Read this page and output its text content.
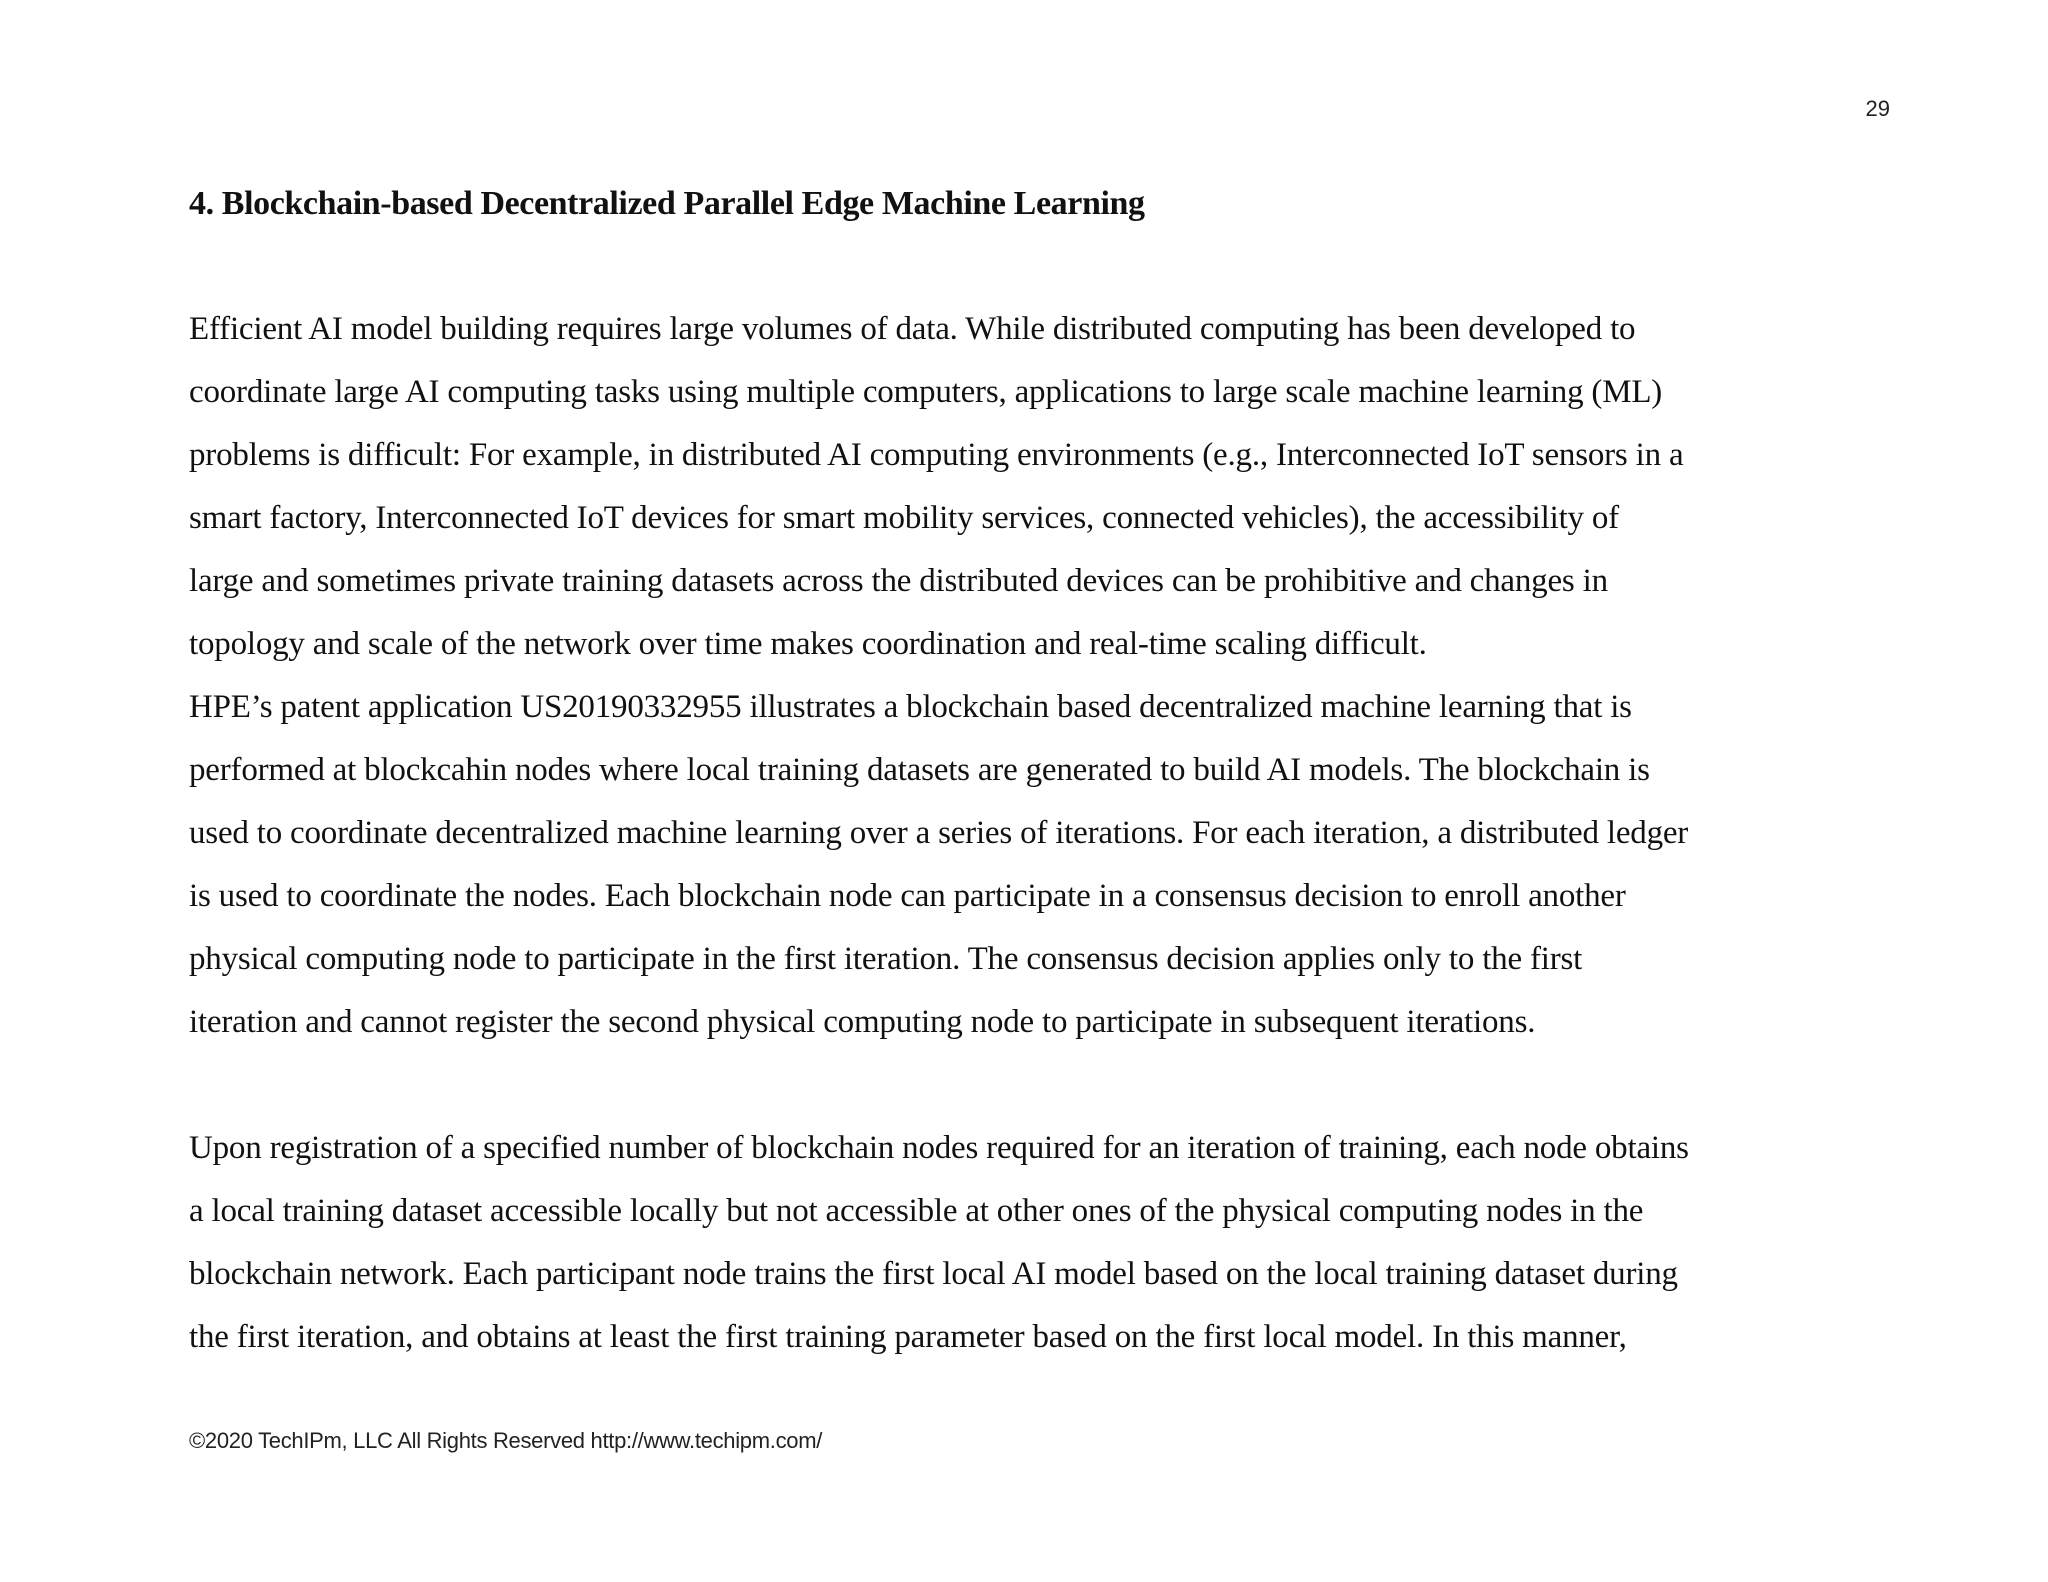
29
4. Blockchain-based Decentralized Parallel Edge Machine Learning
Efficient AI model building requires large volumes of data. While distributed computing has been developed to
coordinate large AI computing tasks using multiple computers, applications to large scale machine learning (ML)
problems is difficult: For example, in distributed AI computing environments (e.g., Interconnected IoT sensors in a
smart factory, Interconnected IoT devices for smart mobility services, connected vehicles), the accessibility of
large and sometimes private training datasets across the distributed devices can be prohibitive and changes in
topology and scale of the network over time makes coordination and real-time scaling difficult.
HPE’s patent application US20190332955 illustrates a blockchain based decentralized machine learning that is
performed at blockcahin nodes where local training datasets are generated to build AI models. The blockchain is
used to coordinate decentralized machine learning over a series of iterations. For each iteration, a distributed ledger
is used to coordinate the nodes. Each blockchain node can participate in a consensus decision to enroll another
physical computing node to participate in the first iteration. The consensus decision applies only to the first
iteration and cannot register the second physical computing node to participate in subsequent iterations.
Upon registration of a specified number of blockchain nodes required for an iteration of training, each node obtains
a local training dataset accessible locally but not accessible at other ones of the physical computing nodes in the
blockchain network. Each participant node trains the first local AI model based on the local training dataset during
the first iteration, and obtains at least the first training parameter based on the first local model. In this manner,
©2020 TechIPm, LLC All Rights Reserved http://www.techipm.com/
